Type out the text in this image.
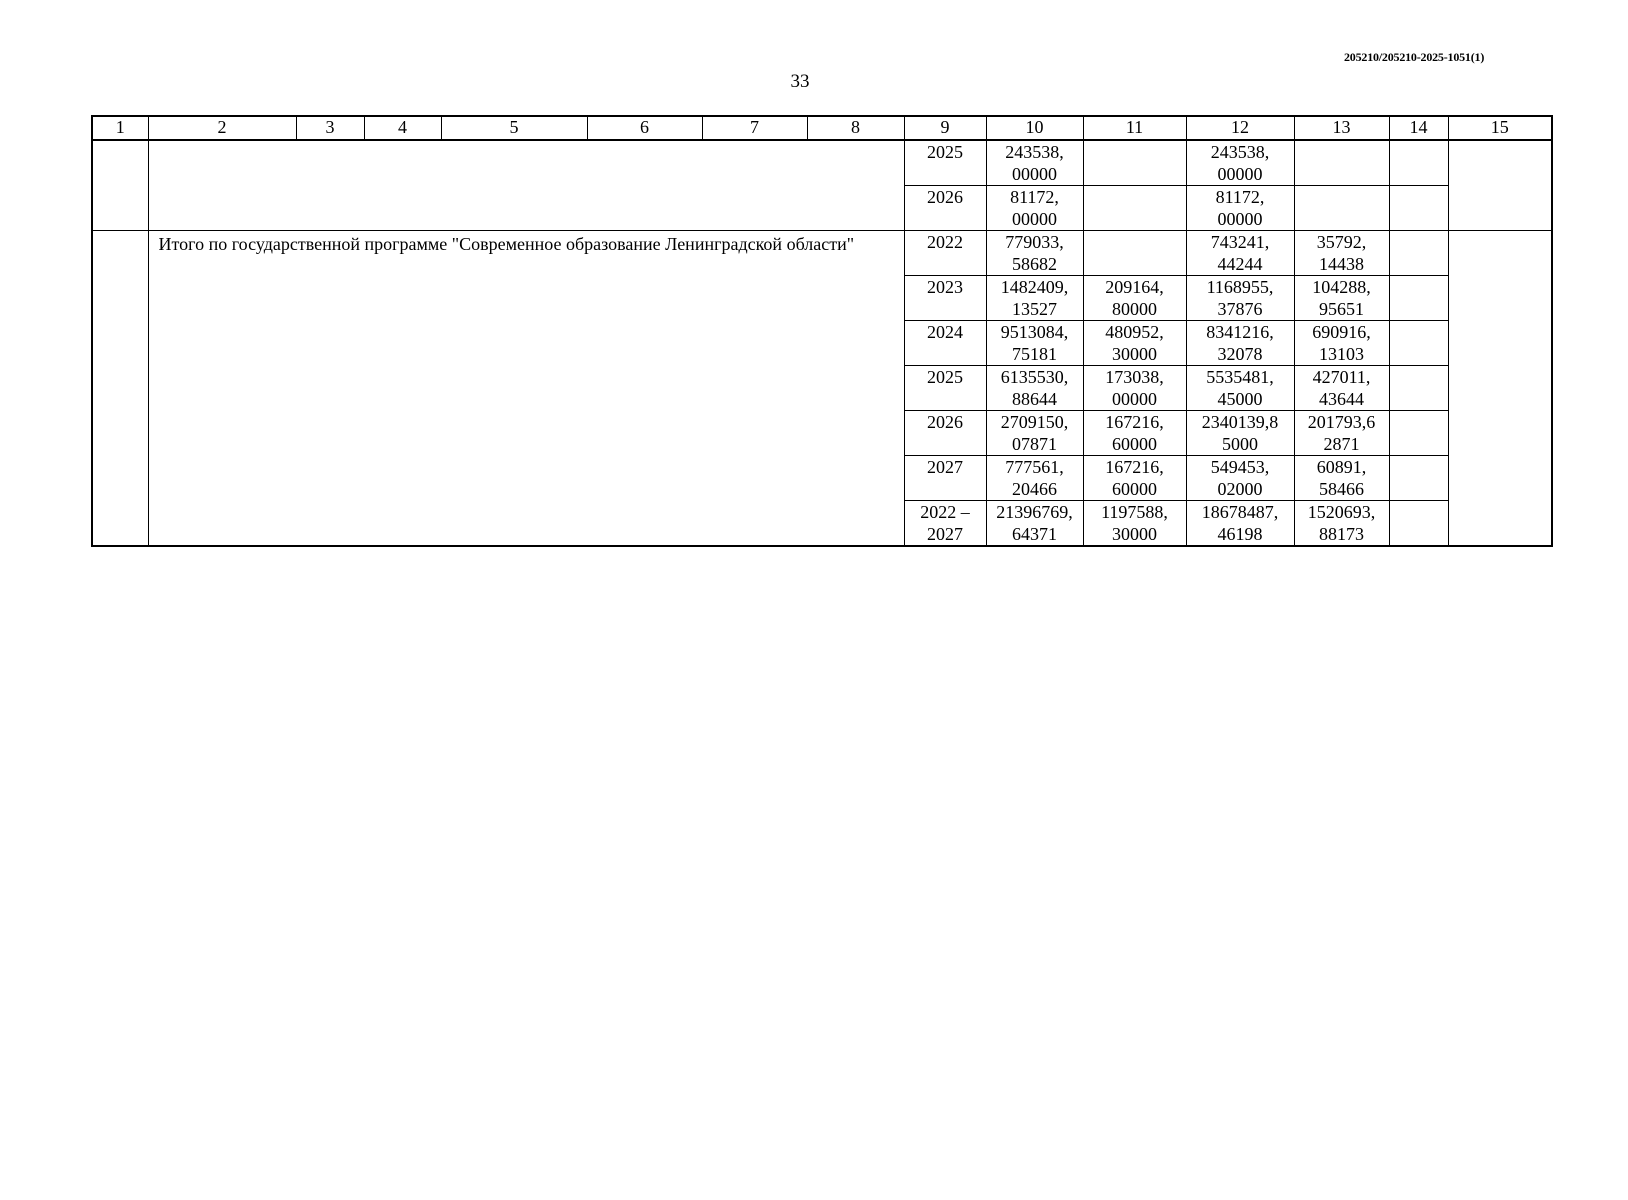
205210/205210-2025-1051(1)
33
1	2	3	4	5	6	7	8	9	10	11	12	13	14	15
								2025	243538,
00000		243538,
00000			
								2026	81172,
00000		81172,
00000			
	Итого по государственной программе "Современное образование Ленинградской области"							2022	779033,
58682		743241,
44244	35792,
14438		
								2023	1482409,
13527	209164,
80000	1168955,
37876	104288,
95651		
								2024	9513084,
75181	480952,
30000	8341216,
32078	690916,
13103		
								2025	6135530,
88644	173038,
00000	5535481,
45000	427011,
43644		
								2026	2709150,
07871	167216,
60000	2340139,8
5000	201793,6
2871		
								2027	777561,
20466	167216,
60000	549453,
02000	60891,
58466		
								2022 –
2027	21396769,
64371	1197588,
30000	18678487,
46198	1520693,
88173		
